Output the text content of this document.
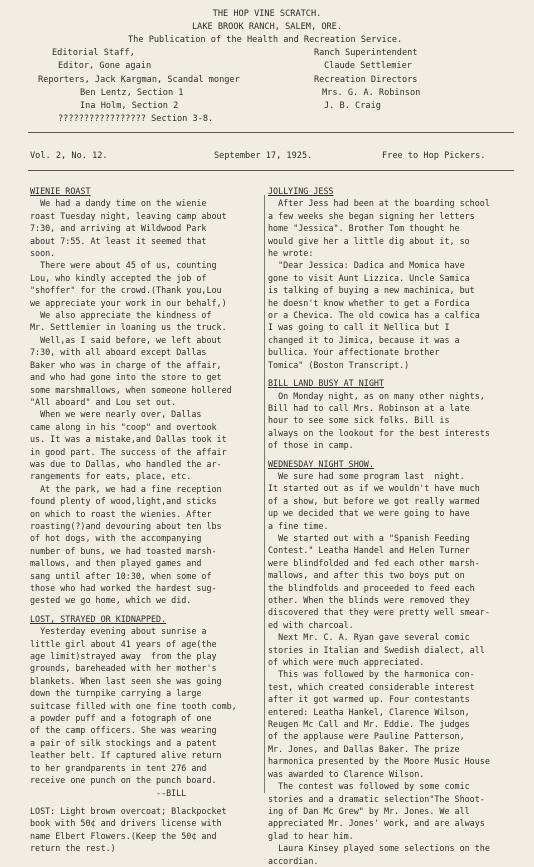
THE HOP VINE SCRATCH.
LAKE BROOK RANCH, SALEM, ORE.
The Publication of the Health and Recreation Service.
Editorial Staff,
Editor, Gone again
Reporters, Jack Kargman, Scandal monger
Ben Lentz, Section 1
Ina Holm, Section 2
????????????????? Section 3-8.
Ranch Superintendent
Claude Settlemier
Recreation Directors
Mrs. G. A. Robinson
J. B. Craig
Vol. 2, No. 12.	September 17, 1925.	Free to Hop Pickers.

WIENIE ROAST

We had a dandy time on the wienie

roast Tuesday night, leaving camp about

7:30, and arriving at Wildwood Park

about 7:55. At least it seemed that

soon.

There were about 45 of us, counting

Lou, who kindly accepted the job of

"shoffer" for the crowd.(Thank you,Lou

we appreciate your work in our behalf,)

We also appreciate the kindness of

Mr. Settlemier in loaning us the truck.

Well,as I said before, we left about

7:30, with all aboard except Dallas

Baker who was in charge of the affair,

and who had gone into the store to get

some marshmallows, when someone hollered

"All aboard" and Lou set out.

When we were nearly over, Dallas

came along in his "coop" and overtook

us. It was a mistake,and Dallas took it

in good part. The success of the affair

was due to Dallas, who handled the ar-

rangements for eats, place, etc.

At the park, we had a fine reception

found plenty of wood,light,and sticks

on which to roast the wienies. After

roasting(?)and devouring about ten lbs

of hot dogs, with the accompanying

number of buns, we had toasted marsh-

mallows, and then played games and

sang until after 10:30, when some of

those who had worked the hardest sug-

gested we go home, which we did.

LOST, STRAYED OR KIDNAPPED.

Yesterday evening about sunrise a

little girl about 41 years of age(the

age limit)strayed away  from the play

grounds, bareheaded with her mother's

blankets. When last seen she was going

down the turnpike carrying a large

suitcase filled with one fine tooth comb,

a powder puff and a fotograph of one

of the camp officers. She was wearing

a pair of silk stockings and a patent

leather belt. If captured alive return

to her grandparents in tent 276 and

receive one punch on the punch board.

--BILL

LOST: Light brown overcoat; Blackpocket

book with 50¢ and drivers license with

name Elbert Flowers.(Keep the 50¢ and

return the rest.)

JOLLYING JESS

After Jess had been at the boarding school

a few weeks she began signing her letters

home "Jessica". Brother Tom thought he

would give her a little dig about it, so

he wrote:

"Dear Jessica: Dadica and Momica have

gone to visit Aunt Lizzica. Uncle Samica

is talking of buying a new machinica, but

he doesn't know whether to get a Fordica

or a Chevica. The old cowica has a calfica

I was going to call it Nellica but I

changed it to Jimica, because it was a

bullica. Your affectionate brother

Tomica" (Boston Transcript.)

BILL LAND BUSY AT NIGHT

On Monday night, as on many other nights,

Bill had to call Mrs. Robinson at a late

hour to see some sick folks. Bill is

always on the lookout for the best interests

of those in camp.

WEDNESDAY NIGHT SHOW.

We sure had some program last  night.

It started out as if we wouldn't have much

of a show, but before we got really warmed

up we decided that we were going to have

a fine time.

We started out with a "Spanish Feeding

Contest." Leatha Handel and Helen Turner

were blindfolded and fed each other marsh-

mallows, and after this two boys put on

the blindfolds and proceeded to feed each

other. When the blinds were removed they

discovered that they were pretty well smear-

ed with charcoal.

Next Mr. C. A. Ryan gave several comic

stories in Italian and Swedish dialect, all

of which were much appreciated.

This was followed by the harmonica con-

test, which created considerable interest

after it got warmed up. Four contestants

entered: Leatha Hankel, Clarence Wilson,

Reugen Mc Call and Mr. Eddie. The judges

of the applause were Pauline Patterson,

Mr. Jones, and Dallas Baker. The prize

harmonica presented by the Moore Music House

was awarded to Clarence Wilson.

The contest was followed by some comic

stories and a dramatic selection"The Shoot-

ing of Dan Mc Grew" by Mr. Jones. We all

appreciated Mr. Jones' work, and are always

glad to hear him.

Laura Kinsey played some selections on the

accordian.
